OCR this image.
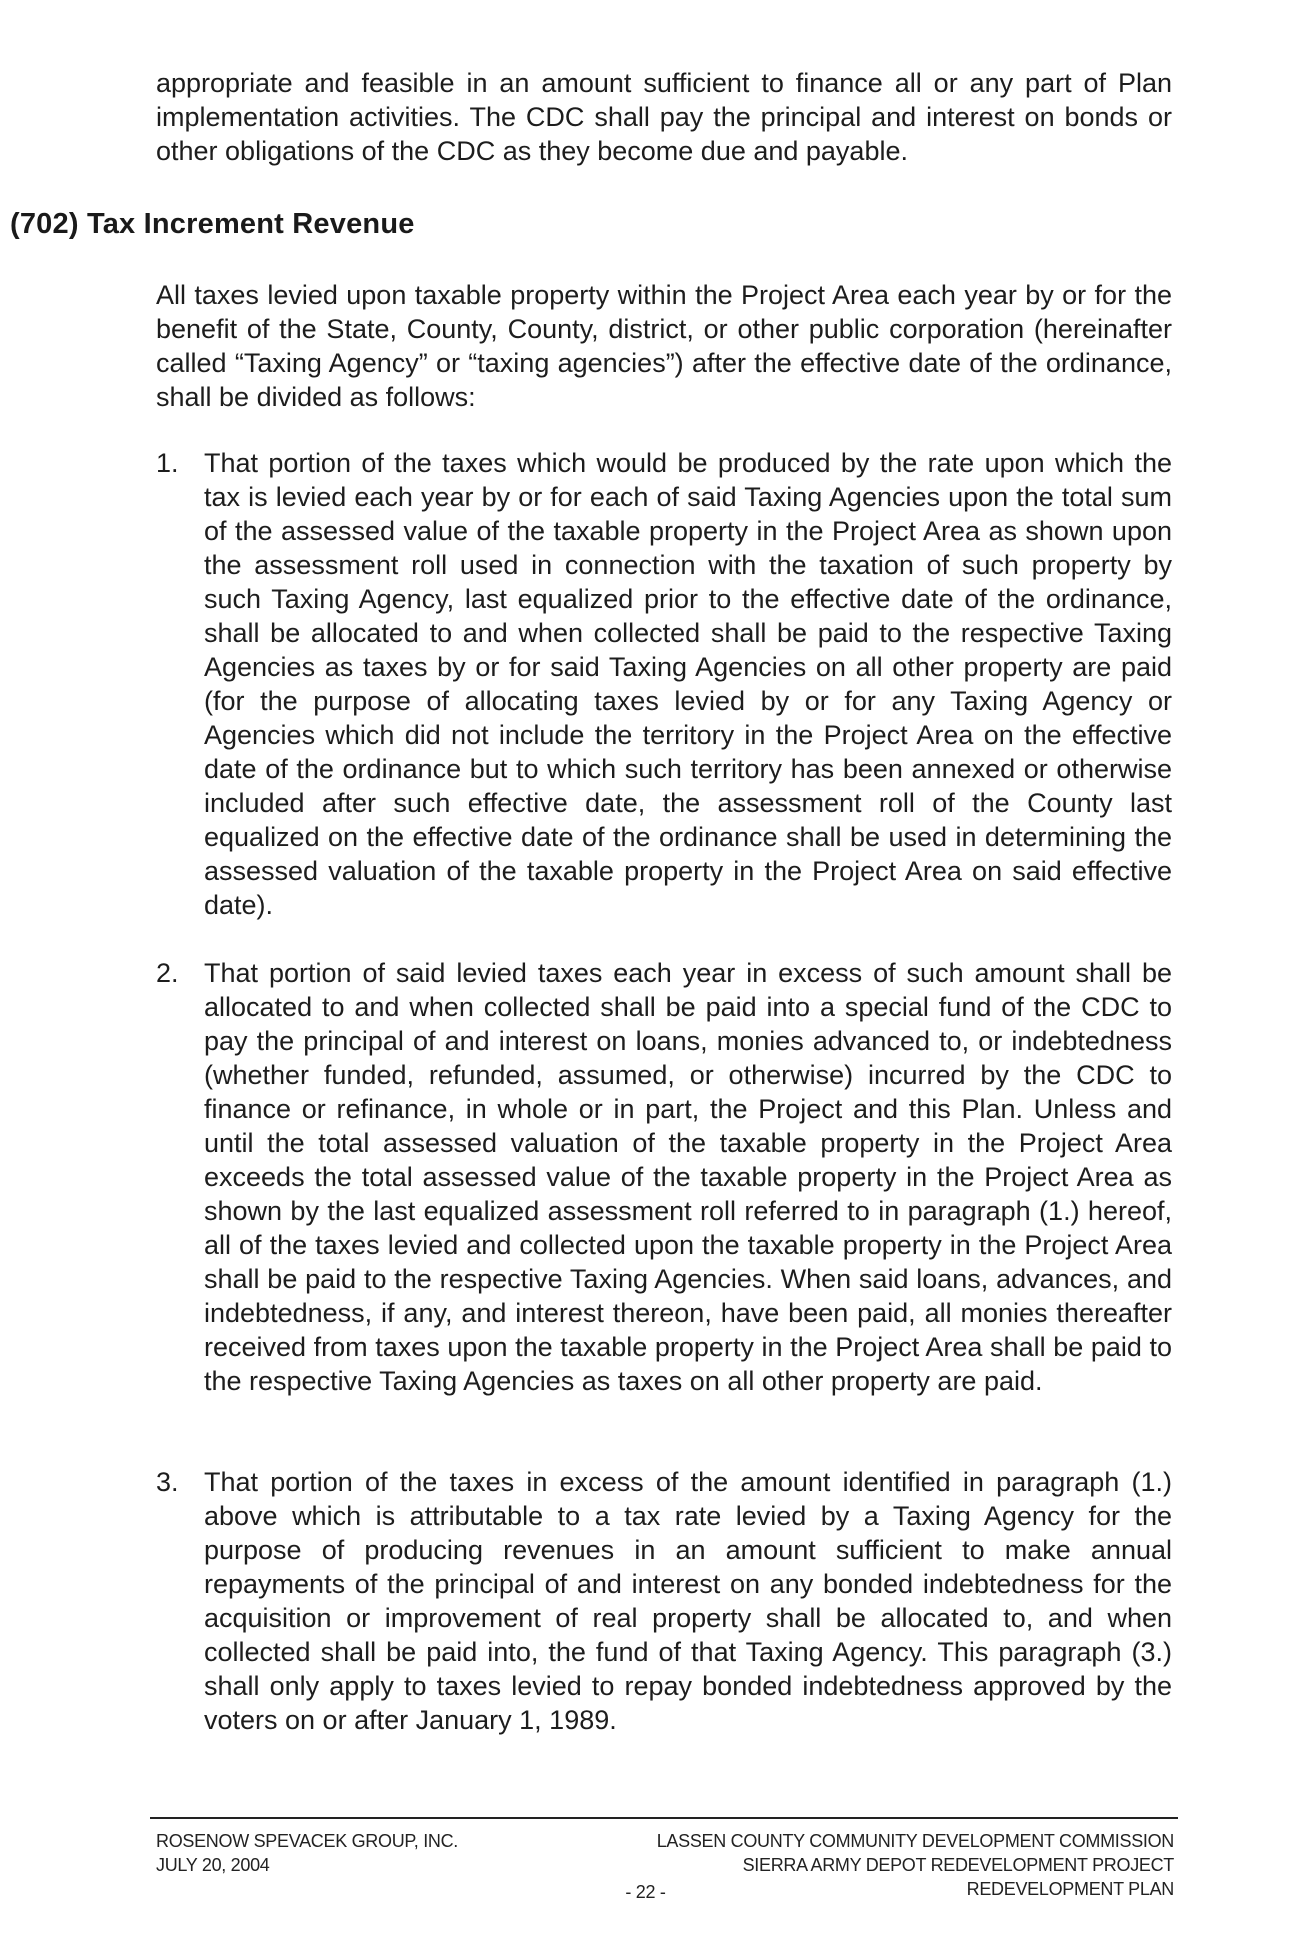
appropriate and feasible in an amount sufficient to finance all or any part of Plan implementation activities. The CDC shall pay the principal and interest on bonds or other obligations of the CDC as they become due and payable.

(702) Tax Increment Revenue

All taxes levied upon taxable property within the Project Area each year by or for the benefit of the State, County, County, district, or other public corporation (hereinafter called “Taxing Agency” or “taxing agencies”) after the effective date of the ordinance, shall be divided as follows:

1. That portion of the taxes which would be produced by the rate upon which the tax is levied each year by or for each of said Taxing Agencies upon the total sum of the assessed value of the taxable property in the Project Area as shown upon the assessment roll used in connection with the taxation of such property by such Taxing Agency, last equalized prior to the effective date of the ordinance, shall be allocated to and when collected shall be paid to the respective Taxing Agencies as taxes by or for said Taxing Agencies on all other property are paid (for the purpose of allocating taxes levied by or for any Taxing Agency or Agencies which did not include the territory in the Project Area on the effective date of the ordinance but to which such territory has been annexed or otherwise included after such effective date, the assessment roll of the County last equalized on the effective date of the ordinance shall be used in determining the assessed valuation of the taxable property in the Project Area on said effective date).
2. That portion of said levied taxes each year in excess of such amount shall be allocated to and when collected shall be paid into a special fund of the CDC to pay the principal of and interest on loans, monies advanced to, or indebtedness (whether funded, refunded, assumed, or otherwise) incurred by the CDC to finance or refinance, in whole or in part, the Project and this Plan. Unless and until the total assessed valuation of the taxable property in the Project Area exceeds the total assessed value of the taxable property in the Project Area as shown by the last equalized assessment roll referred to in paragraph (1.) hereof, all of the taxes levied and collected upon the taxable property in the Project Area shall be paid to the respective Taxing Agencies. When said loans, advances, and indebtedness, if any, and interest thereon, have been paid, all monies thereafter received from taxes upon the taxable property in the Project Area shall be paid to the respective Taxing Agencies as taxes on all other property are paid.
3. That portion of the taxes in excess of the amount identified in paragraph (1.) above which is attributable to a tax rate levied by a Taxing Agency for the purpose of producing revenues in an amount sufficient to make annual repayments of the principal of and interest on any bonded indebtedness for the acquisition or improvement of real property shall be allocated to, and when collected shall be paid into, the fund of that Taxing Agency. This paragraph (3.) shall only apply to taxes levied to repay bonded indebtedness approved by the voters on or after January 1, 1989.
ROSENOW SPEVACEK GROUP, INC.
JULY 20, 2004
LASSEN COUNTY COMMUNITY DEVELOPMENT COMMISSION
SIERRA ARMY DEPOT REDEVELOPMENT PROJECT
REDEVELOPMENT PLAN
- 22 -
